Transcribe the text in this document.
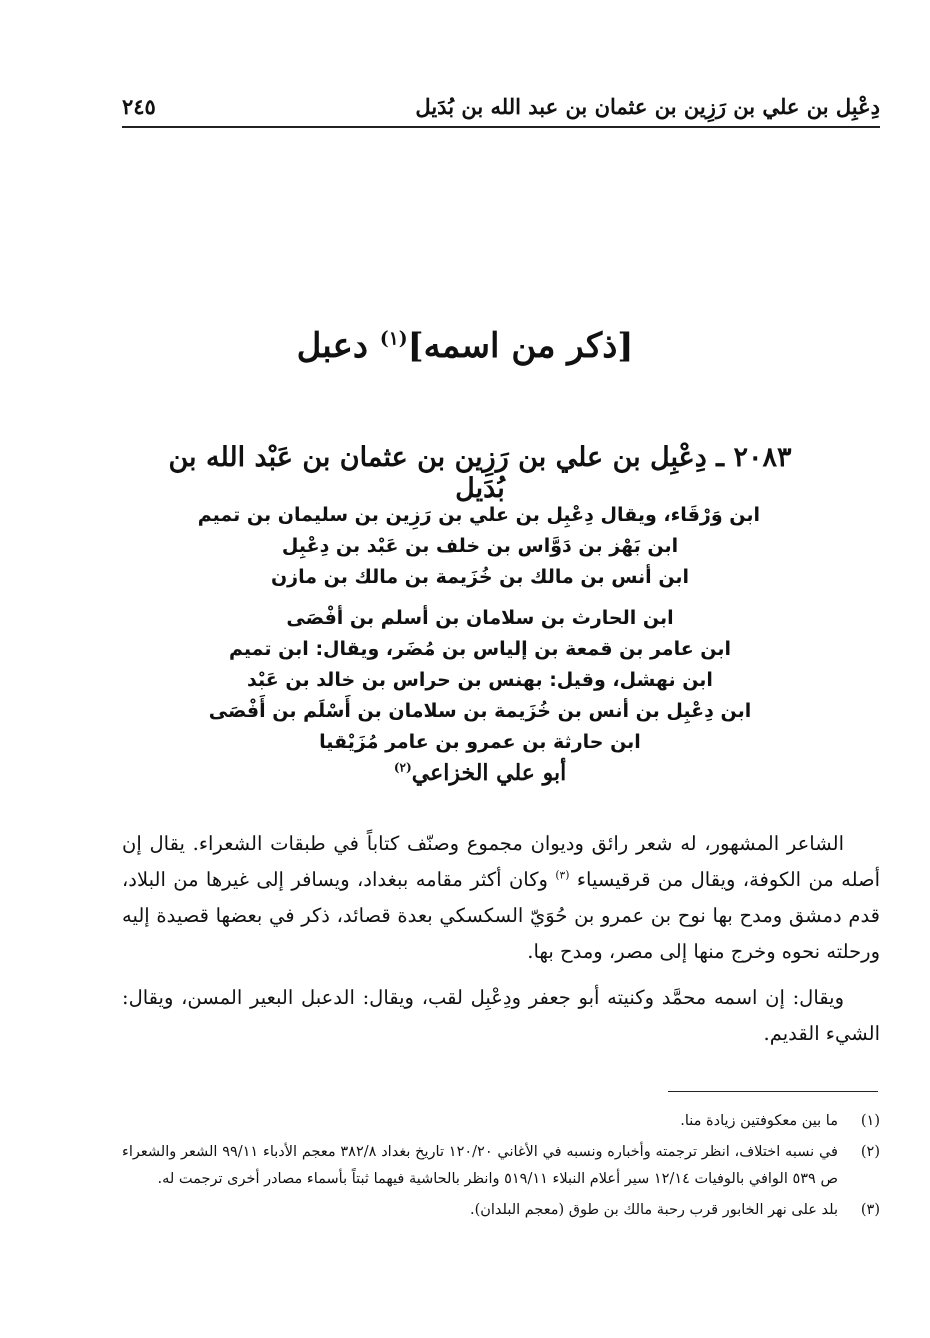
دِعْبِل بن علي بن رَزِين بن عثمان بن عبد الله بن بُدَيل
٢٤٥
[ذكر من اسمه]$^{(١)}$ دعبل
٢٠٨٣ ـ دِعْبِل بن علي بن رَزِين بن عثمان بن عَبْد الله بن بُدَيل
ابن وَرْقَاء، ويقال دِعْبِل بن علي بن رَزِين بن سليمان بن تميم
ابن بَهْز بن دَوَّاس بن خلف بن عَبْد بن دِعْبِل
ابن أنس بن مالك بن خُزَيمة بن مالك بن مازن
ابن الحارث بن سلامان بن أسلم بن أفْصَى
ابن عامر بن قمعة بن إلياس بن مُضَر، ويقال: ابن تميم
ابن نهشل، وقيل: بهنس بن حراس بن خالد بن عَبْد
ابن دِعْبِل بن أنس بن خُزَيمة بن سلامان بن أَسْلَم بن أَفْصَى
ابن حارثة بن عمرو بن عامر مُزَيْقيا
أبو علي الخزاعي$^{(٢)}$

الشاعر المشهور، له شعر رائق وديوان مجموع وصنّف كتاباً في طبقات الشعراء. يقال إن أصله من الكوفة، ويقال من قرقيسياء $^{(٣)}$ وكان أكثر مقامه ببغداد، ويسافر إلى غيرها من البلاد، قدم دمشق ومدح بها نوح بن عمرو بن حُوَيّ السكسكي بعدة قصائد، ذكر في بعضها قصيدة إليه ورحلته نحوه وخرج منها إلى مصر، ومدح بها.

ويقال: إن اسمه محمَّد وكنيته أبو جعفر ودِعْبِل لقب، ويقال: الدعبل البعير المسن، ويقال: الشيء القديم.

(١)
ما بين معكوفتين زيادة منا.
(٢)
في نسبه اختلاف، انظر ترجمته وأخباره ونسبه في الأغاني ١٢٠/٢٠ تاريخ بغداد ٣٨٢/٨ معجم الأدباء ٩٩/١١ الشعر والشعراء ص ٥٣٩ الوافي بالوفيات ١٢/١٤ سير أعلام النبلاء ٥١٩/١١ وانظر بالحاشية فيهما ثبتاً بأسماء مصادر أخرى ترجمت له.
(٣)
بلد على نهر الخابور قرب رحبة مالك بن طوق (معجم البلدان).
